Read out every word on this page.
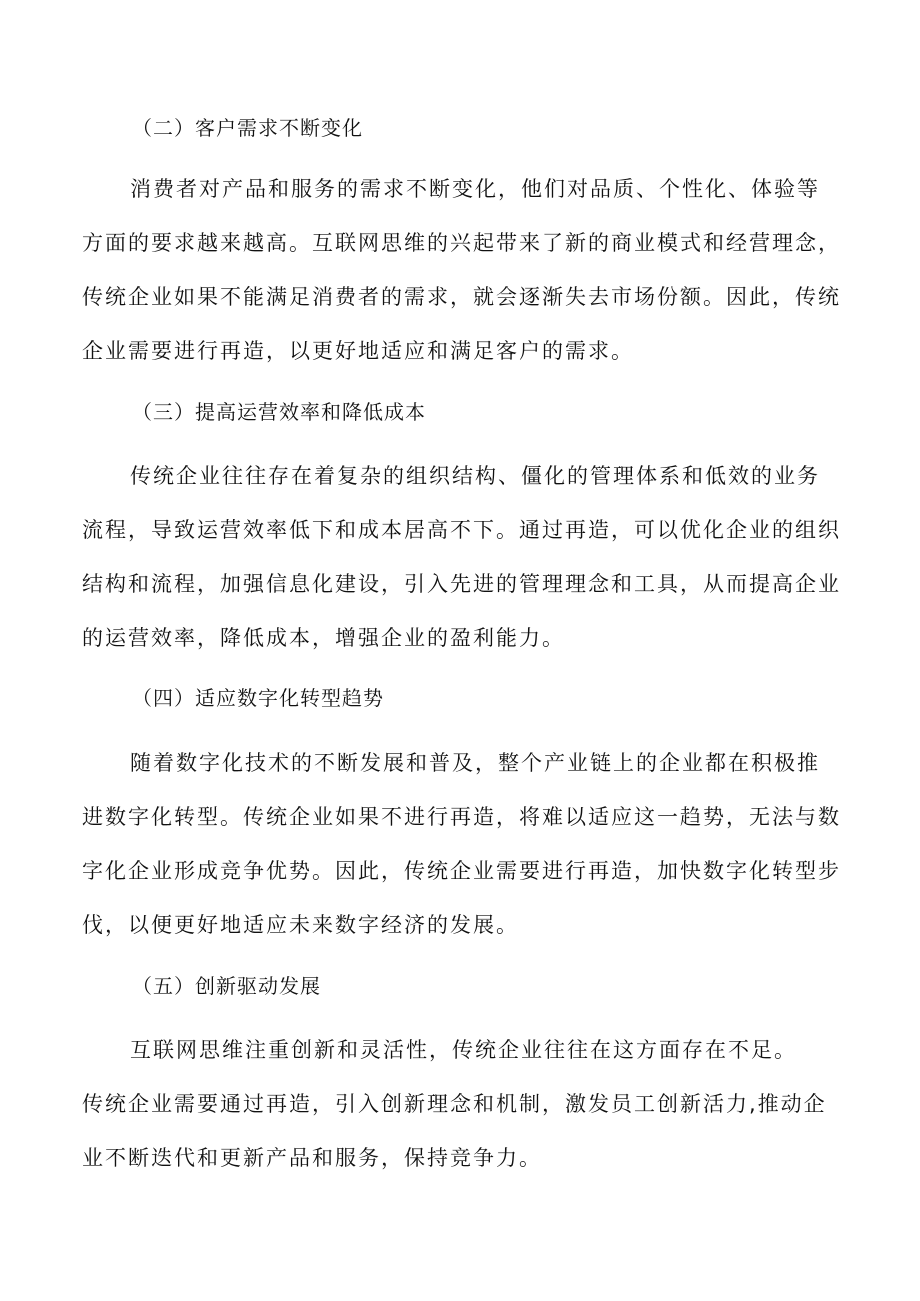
（二）客户需求不断变化
消费者对产品和服务的需求不断变化，他们对品质、个性化、体验等
方面的要求越来越高。互联网思维的兴起带来了新的商业模式和经营理念，
传统企业如果不能满足消费者的需求，就会逐渐失去市场份额。因此，传统
企业需要进行再造，以更好地适应和满足客户的需求。
（三）提高运营效率和降低成本
传统企业往往存在着复杂的组织结构、僵化的管理体系和低效的业务
流程，导致运营效率低下和成本居高不下。通过再造，可以优化企业的组织
结构和流程，加强信息化建设，引入先进的管理理念和工具，从而提高企业
的运营效率，降低成本，增强企业的盈利能力。
（四）适应数字化转型趋势
随着数字化技术的不断发展和普及，整个产业链上的企业都在积极推
进数字化转型。传统企业如果不进行再造，将难以适应这一趋势，无法与数
字化企业形成竞争优势。因此，传统企业需要进行再造，加快数字化转型步
伐，以便更好地适应未来数字经济的发展。
（五）创新驱动发展
互联网思维注重创新和灵活性，传统企业往往在这方面存在不足。
传统企业需要通过再造，引入创新理念和机制，激发员工创新活力,推动企
业不断迭代和更新产品和服务，保持竞争力。
